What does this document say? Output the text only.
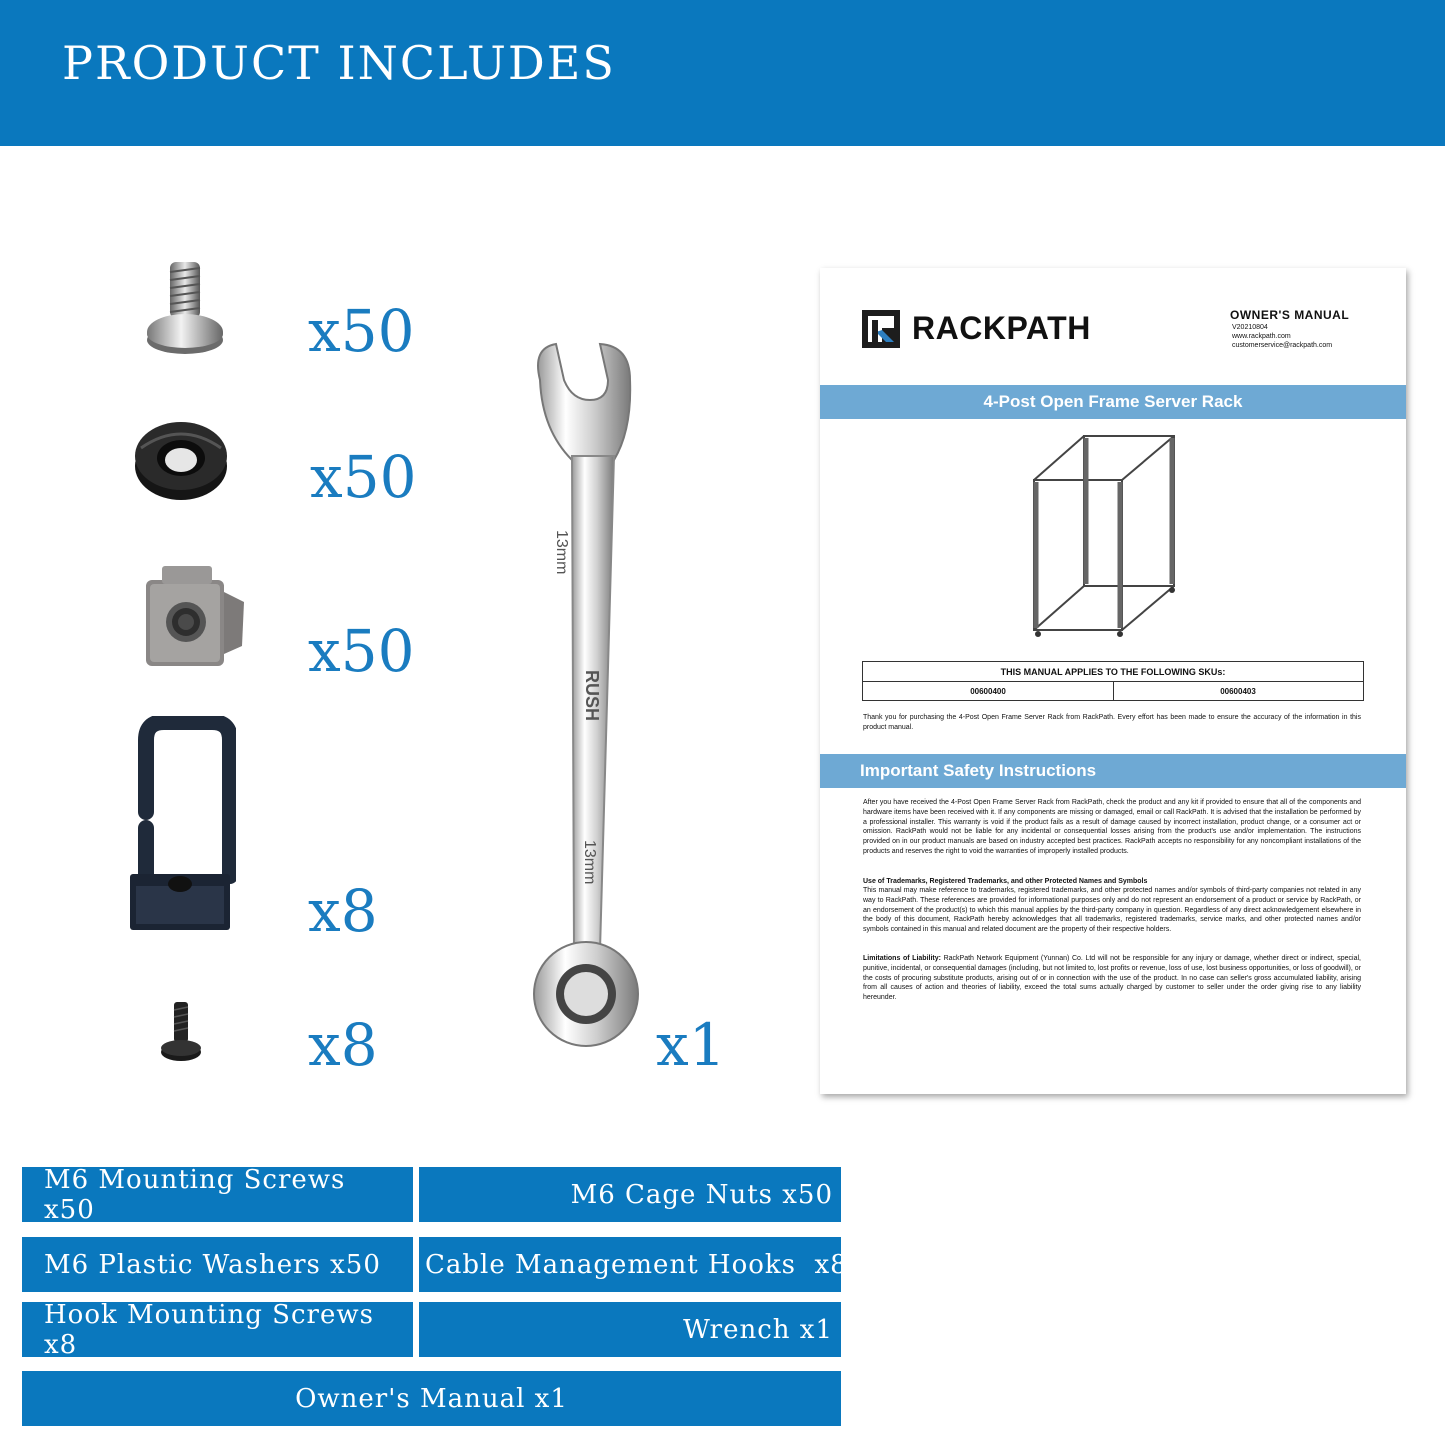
PRODUCT INCLUDES
x50
x50
x50
x8
x8
13mm
RUSH
13mm
x1
RACKPATH	OWNER'S MANUAL
V20210804
www.rackpath.com
customerservice@rackpath.com
4-Post Open Frame Server Rack
THIS MANUAL APPLIES TO THE FOLLOWING SKUs:
00600400	00600403
Thank you for purchasing the 4-Post Open Frame Server Rack from RackPath. Every effort has been made to ensure the accuracy of the information in this product manual.
Important Safety Instructions
After you have received the 4-Post Open Frame Server Rack from RackPath, check the product and any kit if provided to ensure that all of the components and hardware items have been received with it. If any components are missing or damaged, email or call RackPath. It is advised that the installation be performed by a professional installer. This warranty is void if the product fails as a result of damage caused by incorrect installation, product change, or a consumer act or omission. RackPath would not be liable for any incidental or consequential losses arising from the product's use and/or implementation. The instructions provided on in our product manuals are based on industry accepted best practices. RackPath accepts no responsibility for any noncompliant installations of the products and reserves the right to void the warranties of improperly installed products.
Use of Trademarks, Registered Trademarks, and other Protected Names and Symbols
This manual may make reference to trademarks, registered trademarks, and other protected names and/or symbols of third-party companies not related in any way to RackPath. These references are provided for informational purposes only and do not represent an endorsement of a product or service by RackPath, or an endorsement of the product(s) to which this manual applies by the third-party company in question. Regardless of any direct acknowledgement elsewhere in the body of this document, RackPath hereby acknowledges that all trademarks, registered trademarks, service marks, and other protected names and/or symbols contained in this manual and related document are the property of their respective holders.
Limitations of Liability: RackPath Network Equipment (Yunnan) Co. Ltd will not be responsible for any injury or damage, whether direct or indirect, special, punitive, incidental, or consequential damages (including, but not limited to, lost profits or revenue, loss of use, lost business opportunities, or loss of goodwill), or the costs of procuring substitute products, arising out of or in connection with the use of the product. In no case can seller's gross accumulated liability, arising from all causes of action and theories of liability, exceed the total sums actually charged by customer to seller under the order giving rise to any liability hereunder.
M6 Mounting Screws x50	M6 Cage Nuts x50
M6 Plastic Washers x50	Cable Management Hooks  x8
Hook Mounting Screws x8	Wrench x1
Owner's Manual x1
